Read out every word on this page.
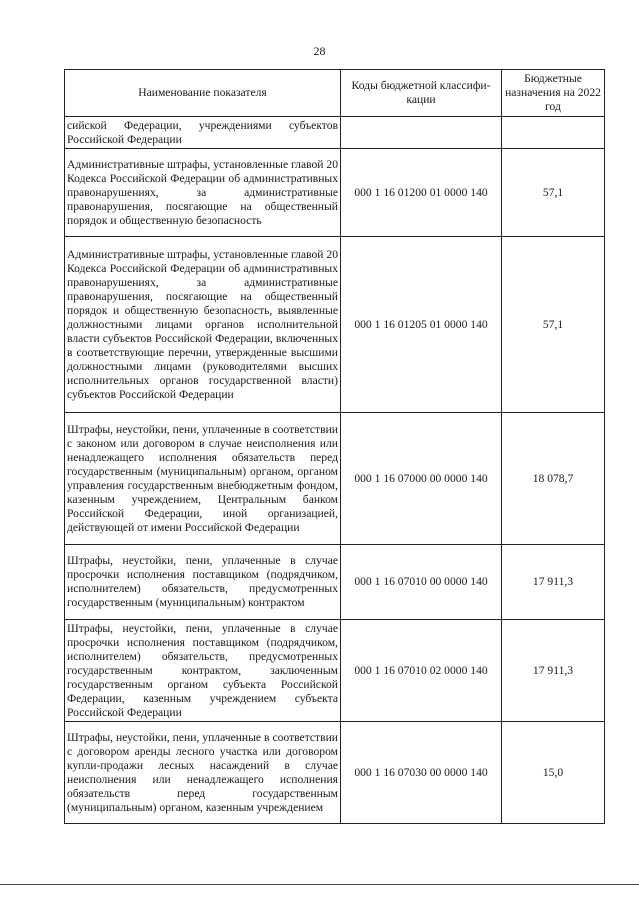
28
Наименование показателя	Коды бюджетной классифи-кации	Бюджетные назначения на 2022 год
сийской Федерации, учреждениями субъектов Российской Федерации		
Административные штрафы, установленные главой 20 Кодекса Российской Федерации об административных правонарушениях, за административные правонарушения, посягающие на общественный порядок и общественную безопасность	000 1 16 01200 01 0000 140	57,1
Административные штрафы, установленные главой 20 Кодекса Российской Федерации об административных правонарушениях, за административные правонарушения, посягающие на общественный порядок и общественную безопасность, выявленные должностными лицами органов исполнительной власти субъектов Российской Федерации, включенных в соответствующие перечни, утвержденные высшими должностными лицами (руководителями высших исполнительных органов государственной власти) субъектов Российской Федерации	000 1 16 01205 01 0000 140	57,1
Штрафы, неустойки, пени, уплаченные в соответствии с законом или договором в случае неисполнения или ненадлежащего исполнения обязательств перед государственным (муниципальным) органом, органом управления государственным внебюджетным фондом, казенным учреждением, Центральным банком Российской Федерации, иной организацией, действующей от имени Российской Федерации	000 1 16 07000 00 0000 140	18 078,7
Штрафы, неустойки, пени, уплаченные в случае просрочки исполнения поставщиком (подрядчиком, исполнителем) обязательств, предусмотренных государственным (муниципальным) контрактом	000 1 16 07010 00 0000 140	17 911,3
Штрафы, неустойки, пени, уплаченные в случае просрочки исполнения поставщиком (подрядчиком, исполнителем) обязательств, предусмотренных государственным контрактом, заключенным государственным органом субъекта Российской Федерации, казенным учреждением субъекта Российской Федерации	000 1 16 07010 02 0000 140	17 911,3
Штрафы, неустойки, пени, уплаченные в соответствии с договором аренды лесного участка или договором купли-продажи лесных насаждений в случае неисполнения или ненадлежащего исполнения обязательств перед государственным (муниципальным) органом, казенным учреждением	000 1 16 07030 00 0000 140	15,0
